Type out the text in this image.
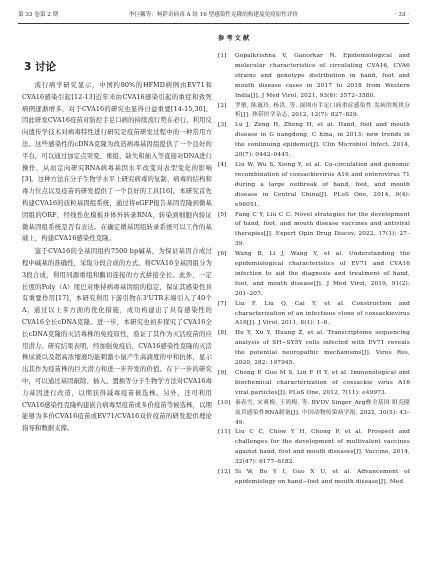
第 33 卷第 2 期	李巨徽等：柯萨奇病毒 A 组 16 型感染性克隆的构建及免疫原性评价	· 33 ·
3 讨论

流行病学研究显示，中国约80%的HFMD病例由EV71和CVA16感染引起[12-13]近年来由CVA16感染引起的重症和致死病例逐渐增多，对于CVA16的研究也显得日益重要[14-15,30]。因此研发CVA16疫苗对防控手足口病的持续流行势在必行。利用反向遗传学技术对病毒特性进行研究是疫苗研发过程中的一种常用方法。这些感染性的cDNA克隆为改造病毒基因组提供了一个良好的平台，可以通过加定点突变、重组、缺失和插入等直接对DNA进行操作，从而定向研究RNA病毒基因水平改变对表型变化的影响[3]。这种方法在分子生物学水平上研究病毒的复制、病毒的结构和毒力位点以及疫苗的研发提供了一个良好的工具[16]。本研究首先构建CVA16的质粒基因组系统，通过将eGFP报告基因克隆到微基因组的ORF，经线性化模板并体外转录RNA，转染到细胞内验证微基因组系统是否有表达。在确定微基因组转录系统可以工作的基础上，构建CVA16感染性克隆。

鉴于CVA16的全基因组约7500 bp碱基，为保证基因合成过程中碱基的准确性，采取分段合成的方式。将CVA16全基因组分为3段合成，利用同源重组和酶切连接的方式拼接全长。此外，一定长度的Poly（A）尾巴对维持病毒基因组的稳定，保证其感染性具有重要作用[17]，本研究利用下游引物在3'UTR末端引入了40个A；通过以上多方面的优化措施，成功构建出了具有感染性的CVA16全长cDNA克隆。进一步，本研究也初步探究了CVA16全长cDNA克隆的灭活毒株的免疫原性，验证了其作为灭活疫苗的应用潜力。研究结果表明，经加强免疫后，CVA16感染性克隆的灭活株尿液以及超高浓缩液均能刺激小鼠产生高滴度的中和抗体，显示出其作为疫苗株的巨大潜力和进一步开发的价值。在下一步的研究中，可以通过基因敲除、插入、置换等分子生物学方法对CVA16毒力基因进行改造，以期获得减毒疫苗候选株。另外，还可利用CVA16感染性克隆构建嵌合病毒型疫苗或多价疫苗等候选株，以期能够为多价CVA16疫苗或EV71/CVA16双价疫苗的研发提供理论指导和数据支撑。

参 考 文 献
[1]	Gopalkrishna V, Ganorkar N. Epidemiological and molecular characteristics of circulating CVA16, CVA6 strains and genotype distribution in hand, foot and mouth disease cases in 2017 to 2018 from Western India[J]. J Med Virol, 2021, 93(6): 3572–3580.
[2]	罗敏, 陈惠玲, 杨洪, 等. 深圳市手足口病重症感染性 发病的规律分析[J]. 热带医学杂志, 2012, 12(7): 827–829.
[3]	Lu J, Zeng H, Zheng H, et al. Hand, foot and mouth disease in G uangdong, C hina, in 2013: new trends in the continuing epidemic[J]. Clin Microbiol Infect, 2014, 20(7): 0442–0445.
[4]	Liu W, Wu S, Xiong Y, et al. Co-circulation and genomic recombination of coxsackievirus A16 and enterovirus 71 during a large outbreak of hand, foot, and mouth disease in Central China[J]. PLoS One, 2014, 9(4): e96051.
[5]	Fang C Y, Liu C C. Novel strategies for the development of hand, foot, and mouth disease vaccines and antiviral therapies[J]. Expert Opin Drug Discov, 2022, 17(1): 27–39.
[6]	Wang B, Li J, Wang Y, et al. Understanding the epidemiological characteristics of EV71 and CVA16 infection to aid the diagnosis and treatment of hand, foot, and mouth disease[J]. J Med Virol, 2019, 91(2): 201–207.
[7]	Liu F, Liu Q, Cai Y, et al. Construction and characterization of an infectious clone of coxsackievirus A16[J]. J Virol, 2011, 8(1): 1–8.
[8]	Hu Y, Xu Y, Huang Z, et al. Transcriptome sequencing analysis of SH−SY5Y cells infected with EV71 reveals the potential neuropathic mechanisms[J]. Virus Res, 2020, 282: 197945.
[9]	Chong P, Guo M S, Lin F H Y, et al. Immunological and biochemical characterization of coxsackie virus A16 viral particles[J]. PLoS One, 2012, 7(11): e49973.
[10] 秦春雪, 宋爽梅, 王鸿梅, 等. BVDV Singer_Arg株全基因 组克隆及其感染性RNA制备[J]. 中国动物传染病学报, 2022, 30(5): 43–49.
[11] Liu C C, Chow Y H, Chong P, et al. Prospect and challenges for the development of multivalent vaccines against hand, foot and mouth diseases[J]. Vaccine, 2014, 32(47): 6177–6182.
[12] Si W, Bo Y I, Guo X U, et al. Advancement of epidemiology on hand−foot and mouth disease[J]. Med
